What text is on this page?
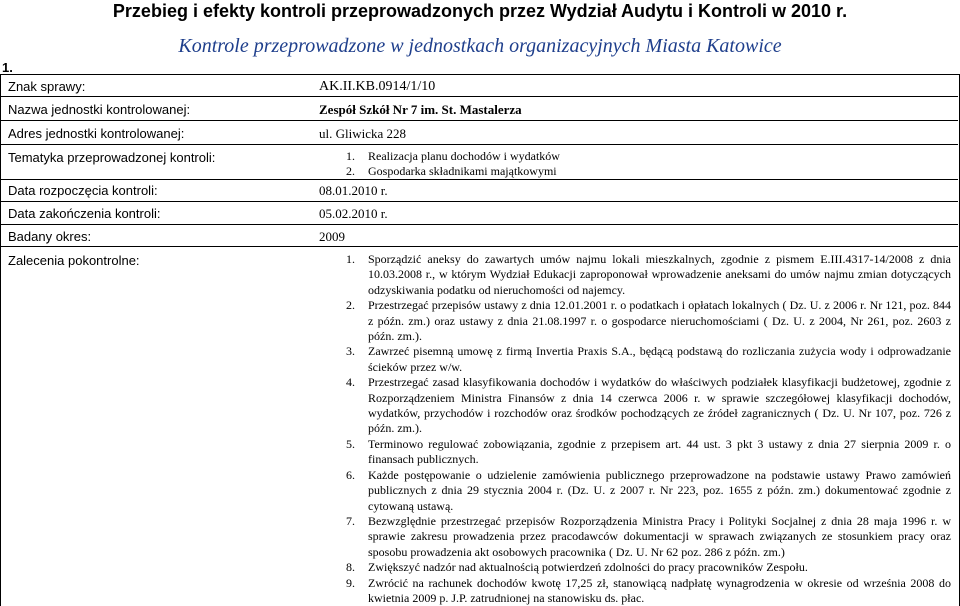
Przebieg i efekty kontroli przeprowadzonych przez Wydział Audytu i Kontroli w 2010 r.
Kontrole przeprowadzone w jednostkach organizacyjnych Miasta Katowice
1.
Znak sprawy:	AK.II.KB.0914/1/10
Nazwa jednostki kontrolowanej:	Zespół Szkół Nr 7 im. St. Mastalerza
Adres jednostki kontrolowanej:	ul. Gliwicka 228
Tematyka przeprowadzonej kontroli:	1. Realizacja planu dochodów i wydatków
2. Gospodarka składnikami majątkowymi
Data rozpoczęcia kontroli:	08.01.2010 r.
Data zakończenia kontroli:	05.02.2010 r.
Badany okres:	2009
Zalecenia pokontrolne:	1. Sporządzić aneksy do zawartych umów najmu lokali mieszkalnych, zgodnie z pismem E.III.4317-14/2008 z dnia 10.03.2008 r., w którym Wydział Edukacji zaproponował wprowadzenie aneksami do umów najmu zmian dotyczących odzyskiwania podatku od nieruchomości od najemcy.
2. Przestrzegać przepisów ustawy z dnia 12.01.2001 r. o podatkach i opłatach lokalnych ( Dz. U. z 2006 r. Nr 121, poz. 844 z późn. zm.) oraz ustawy z dnia 21.08.1997 r. o gospodarce nieruchomościami ( Dz. U. z 2004, Nr 261, poz. 2603 z późn. zm.).
3. Zawrzeć pisemną umowę z firmą Invertia Praxis S.A., będącą podstawą do rozliczania zużycia wody i odprowadzanie ścieków przez w/w.
4. Przestrzegać zasad klasyfikowania dochodów i wydatków do właściwych podziałek klasyfikacji budżetowej, zgodnie z Rozporządzeniem Ministra Finansów z dnia 14 czerwca 2006 r. w sprawie szczegółowej klasyfikacji dochodów, wydatków, przychodów i rozchodów oraz środków pochodzących ze źródeł zagranicznych ( Dz. U. Nr 107, poz. 726 z późn. zm.).
5. Terminowo regulować zobowiązania, zgodnie z przepisem art. 44 ust. 3 pkt 3 ustawy z dnia 27 sierpnia 2009 r. o finansach publicznych.
6. Każde postępowanie o udzielenie zamówienia publicznego przeprowadzone na podstawie ustawy Prawo zamówień publicznych z dnia 29 stycznia 2004 r. (Dz. U. z 2007 r. Nr 223, poz. 1655 z późn. zm.) dokumentować zgodnie z cytowaną ustawą.
7. Bezwzględnie przestrzegać przepisów Rozporządzenia Ministra Pracy i Polityki Socjalnej z dnia 28 maja 1996 r. w sprawie zakresu prowadzenia przez pracodawców dokumentacji w sprawach związanych ze stosunkiem pracy oraz sposobu prowadzenia akt osobowych pracownika ( Dz. U. Nr 62 poz. 286 z późn. zm.)
8. Zwiększyć nadzór nad aktualnością potwierdzeń zdolności do pracy pracowników Zespołu.
9. Zwrócić na rachunek dochodów kwotę 17,25 zł, stanowiącą nadpłatę wynagrodzenia w okresie od września 2008 do kwietnia 2009 p. J.P. zatrudnionej na stanowisku ds. płac.
